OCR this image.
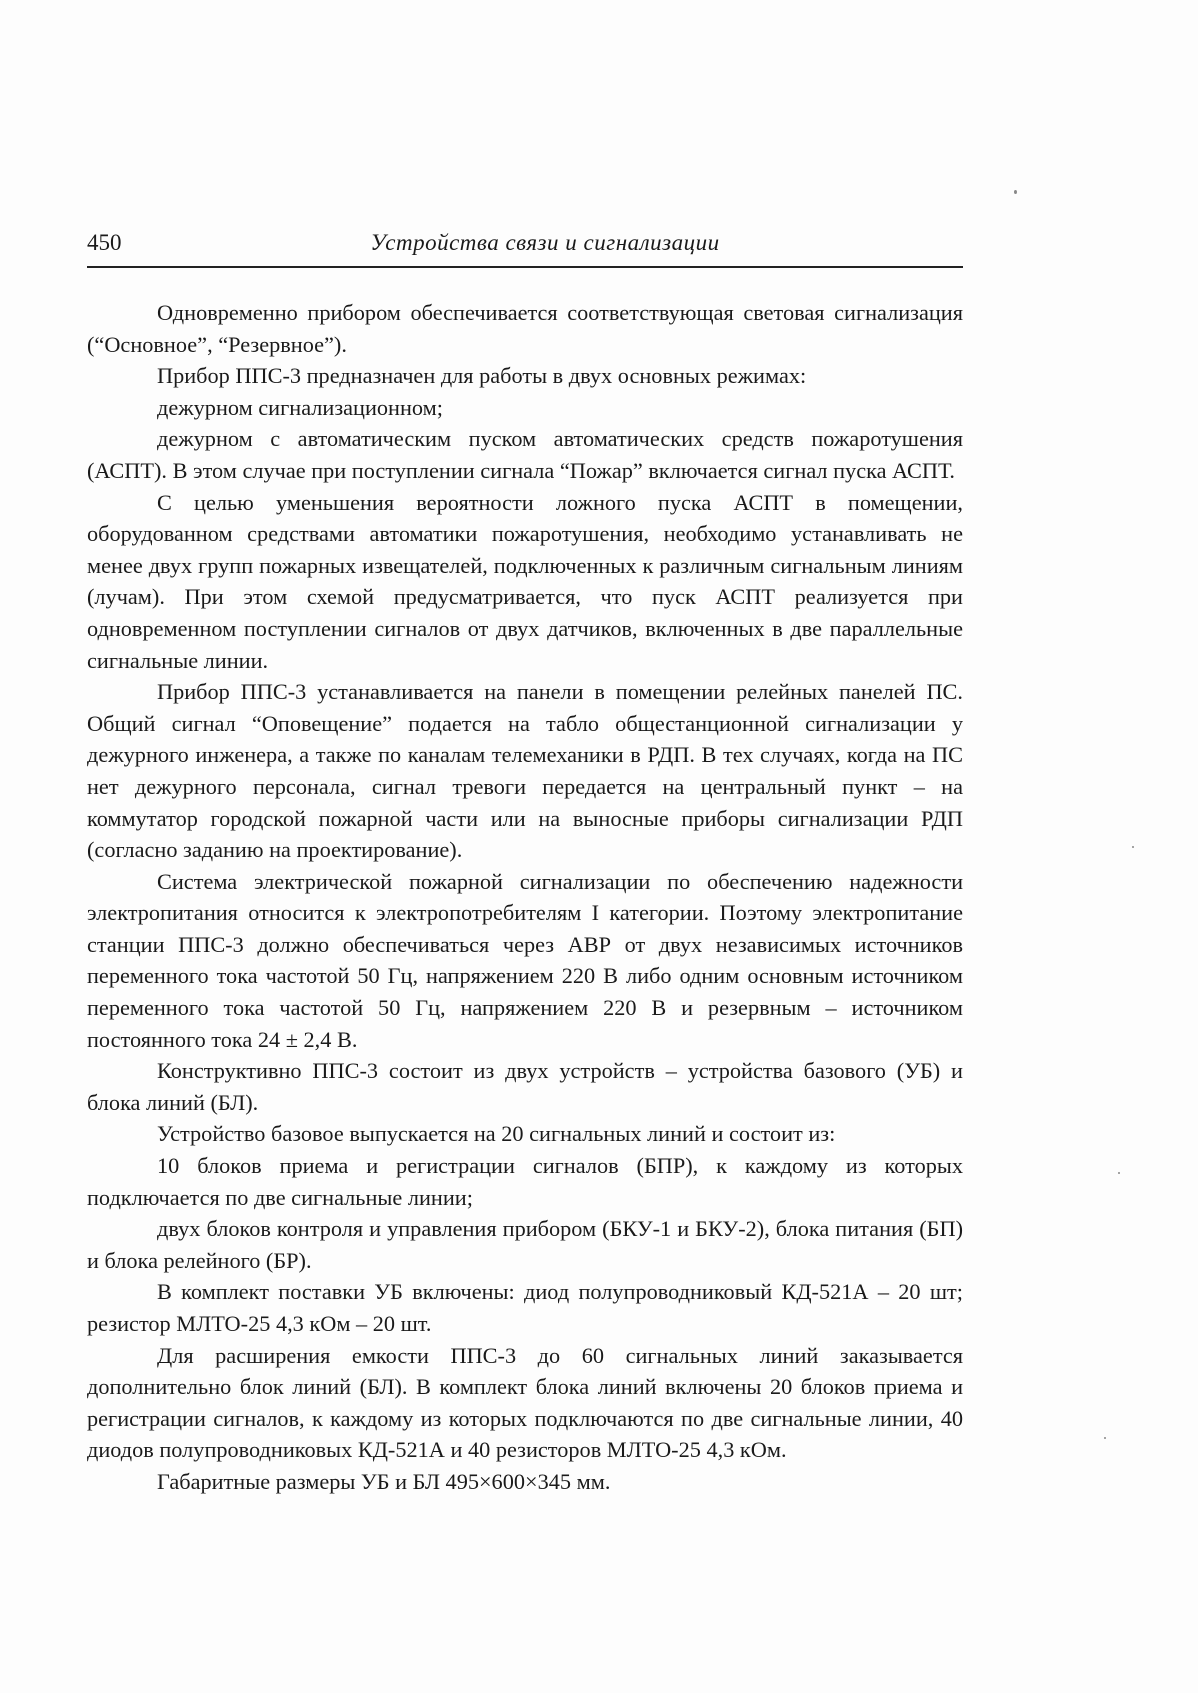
450	Устройства связи и сигнализации

Одновременно прибором обеспечивается соответствующая световая сигнализация (“Основное”, “Резервное”).

Прибор ППС-3 предназначен для работы в двух основных режимах:

дежурном сигнализационном;

дежурном с автоматическим пуском автоматических средств пожаротушения (АСПТ). В этом случае при поступлении сигнала “Пожар” включается сигнал пуска АСПТ.

С целью уменьшения вероятности ложного пуска АСПТ в помещении, оборудованном средствами автоматики пожаротушения, необходимо устанавливать не менее двух групп пожарных извещателей, подключенных к различным сигнальным линиям (лучам). При этом схемой предусматривается, что пуск АСПТ реализуется при одновременном поступлении сигналов от двух датчиков, включенных в две параллельные сигнальные линии.

Прибор ППС-3 устанавливается на панели в помещении релейных панелей ПС. Общий сигнал “Оповещение” подается на табло общестанционной сигнализации у дежурного инженера, а также по каналам телемеханики в РДП. В тех случаях, когда на ПС нет дежурного персонала, сигнал тревоги передается на центральный пункт – на коммутатор городской пожарной части или на выносные приборы сигнализации РДП (согласно заданию на проектирование).

Система электрической пожарной сигнализации по обеспечению надежности электропитания относится к электропотребителям I категории. Поэтому электропитание станции ППС-3 должно обеспечиваться через АВР от двух независимых источников переменного тока частотой 50 Гц, напряжением 220 В либо одним основным источником переменного тока частотой 50 Гц, напряжением 220 В и резервным – источником постоянного тока 24 ± 2,4 В.

Конструктивно ППС-3 состоит из двух устройств – устройства базового (УБ) и блока линий (БЛ).

Устройство базовое выпускается на 20 сигнальных линий и состоит из:

10 блоков приема и регистрации сигналов (БПР), к каждому из которых подключается по две сигнальные линии;

двух блоков контроля и управления прибором (БКУ-1 и БКУ-2), блока питания (БП) и блока релейного (БР).

В комплект поставки УБ включены: диод полупроводниковый КД-521А – 20 шт; резистор МЛТО-25 4,3 кОм – 20 шт.

Для расширения емкости ППС-3 до 60 сигнальных линий заказывается дополнительно блок линий (БЛ). В комплект блока линий включены 20 блоков приема и регистрации сигналов, к каждому из которых подключаются по две сигнальные линии, 40 диодов полупроводниковых КД-521А и 40 резисторов МЛТО-25 4,3 кОм.

Габаритные размеры УБ и БЛ 495×600×345 мм.
